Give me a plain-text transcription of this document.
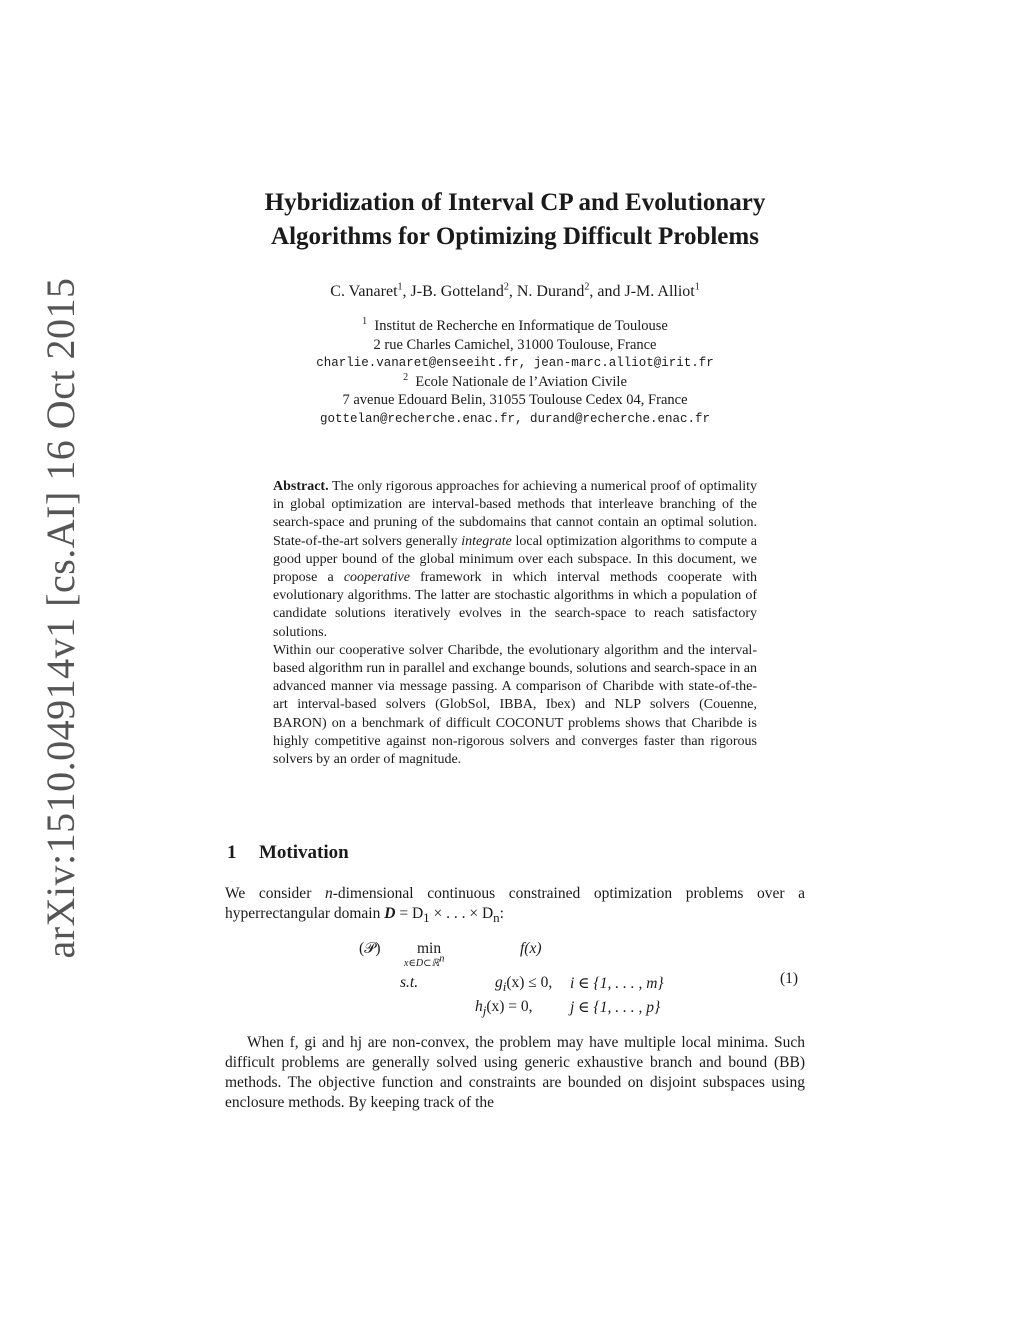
arXiv:1510.04914v1 [cs.AI] 16 Oct 2015
Hybridization of Interval CP and Evolutionary
Algorithms for Optimizing Difficult Problems
C. Vanaret$^1$, J-B. Gotteland$^2$, N. Durand$^2$, and J-M. Alliot$^1$
$^1$ Institut de Recherche en Informatique de Toulouse
2 rue Charles Camichel, 31000 Toulouse, France
charlie.vanaret@enseeiht.fr, jean-marc.alliot@irit.fr
$^2$ Ecole Nationale de l’Aviation Civile
7 avenue Edouard Belin, 31055 Toulouse Cedex 04, France
gottelan@recherche.enac.fr, durand@recherche.enac.fr

Abstract. The only rigorous approaches for achieving a numerical proof of optimality in global optimization are interval-based methods that interleave branching of the search-space and pruning of the subdomains that cannot contain an optimal solution. State-of-the-art solvers generally integrate local optimization algorithms to compute a good upper bound of the global minimum over each subspace. In this document, we propose a cooperative framework in which interval methods cooperate with evolutionary algorithms. The latter are stochastic algorithms in which a population of candidate solutions iteratively evolves in the search-space to reach satisfactory solutions.

Within our cooperative solver Charibde, the evolutionary algorithm and the interval-based algorithm run in parallel and exchange bounds, solutions and search-space in an advanced manner via message passing. A comparison of Charibde with state-of-the-art interval-based solvers (GlobSol, IBBA, Ibex) and NLP solvers (Couenne, BARON) on a benchmark of difficult COCONUT problems shows that Charibde is highly competitive against non-rigorous solvers and converges faster than rigorous solvers by an order of magnitude.

1 Motivation
We consider n-dimensional continuous constrained optimization problems over a hyperrectangular domain $D = D_1$ × . . . × $D_n$:
(𝒫) min
x∈D⊂ℝ$^n$
f(x)
s.t.	$g_i(x) \le 0$, i ∈ {1, . . . , m}
$h_j(x) = 0$, j ∈ {1, . . . , p}
(1)
When f, gi and hj are non-convex, the problem may have multiple local minima. Such difficult problems are generally solved using generic exhaustive branch and bound (BB) methods. The objective function and constraints are bounded on disjoint subspaces using enclosure methods. By keeping track of the
